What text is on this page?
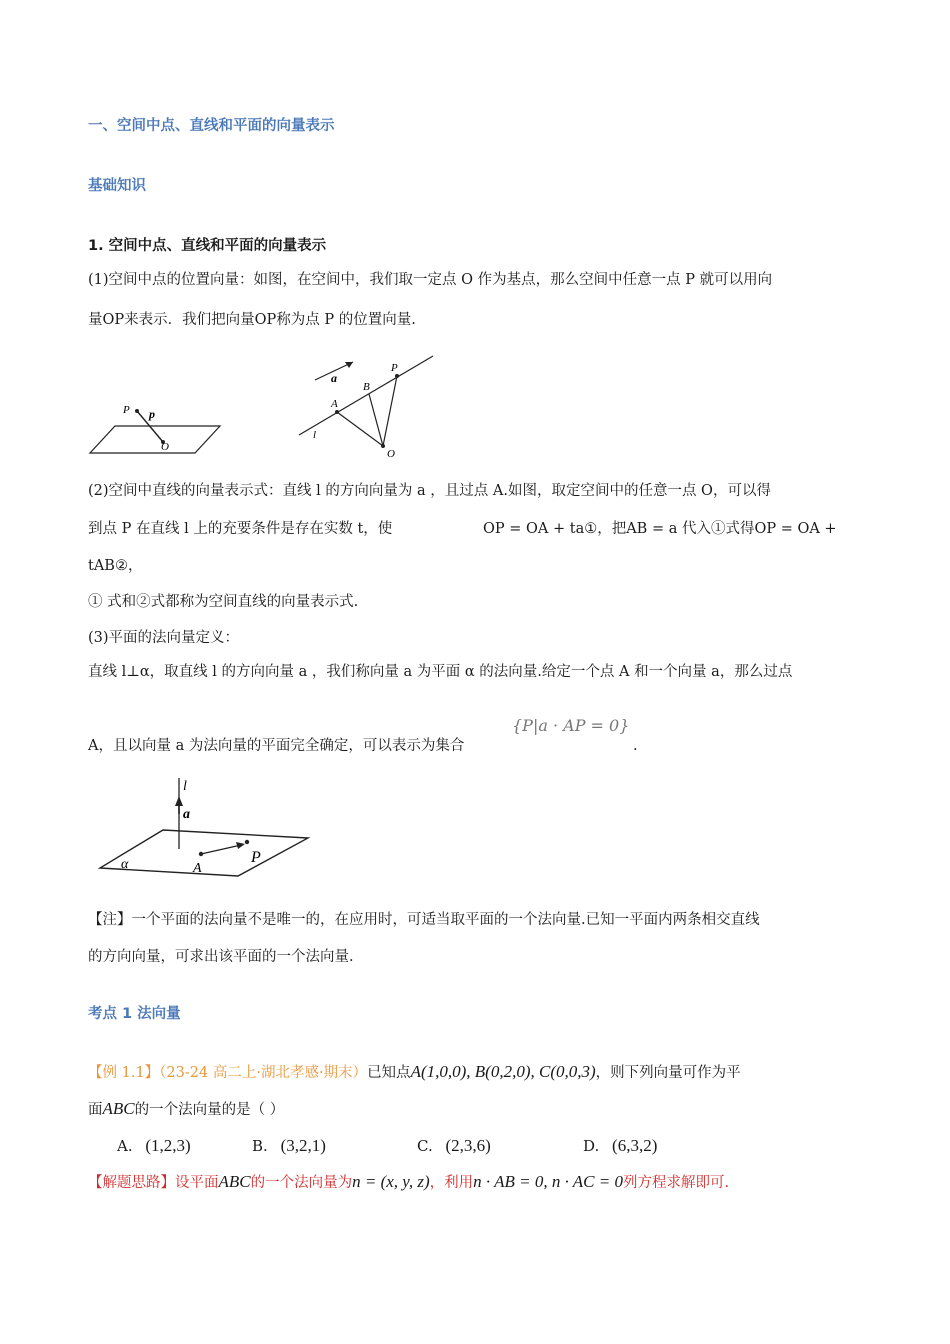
一、空间中点、直线和平面的向量表示
基础知识
1. 空间中点、直线和平面的向量表示
(1)空间中点的位置向量：如图，在空间中，我们取一定点 O 作为基点，那么空间中任意一点 P 就可以用向
量OP来表示．我们把向量OP称为点 P 的位置向量.
P p
O
a
A
B
P
l
O
(2)空间中直线的向量表示式：直线 l 的方向向量为 a ，且过点 A.如图，取定空间中的任意一点 O，可以得
到点 P 在直线 l 上的充要条件是存在实数 t，使	OP = OA + ta①，把AB = a 代入①式得OP = OA +
tAB②，
① 式和②式都称为空间直线的向量表示式.
(3)平面的法向量定义：
直线 l⊥α，取直线 l 的方向向量 a ，我们称向量 a 为平面 α 的法向量.给定一个点 A 和一个向量 a，那么过点
A，且以向量 a 为法向量的平面完全确定，可以表示为集合
{P|a · AP = 0}
.
l
a
α	A
P
【注】一个平面的法向量不是唯一的，在应用时，可适当取平面的一个法向量.已知一平面内两条相交直线
的方向向量，可求出该平面的一个法向量.
考点 1 法向量
【例 1.1】（23-24 高二上·湖北孝感·期末）已知点A(1,0,0), B(0,2,0), C(0,0,3)，则下列向量可作为平
面ABC的一个法向量的是（ ）
A. (1,2,3)	B. (3,2,1)	C. (2,3,6)	D. (6,3,2)
【解题思路】设平面ABC的一个法向量为n = (x, y, z)，利用n · AB = 0, n · AC = 0列方程求解即可.
